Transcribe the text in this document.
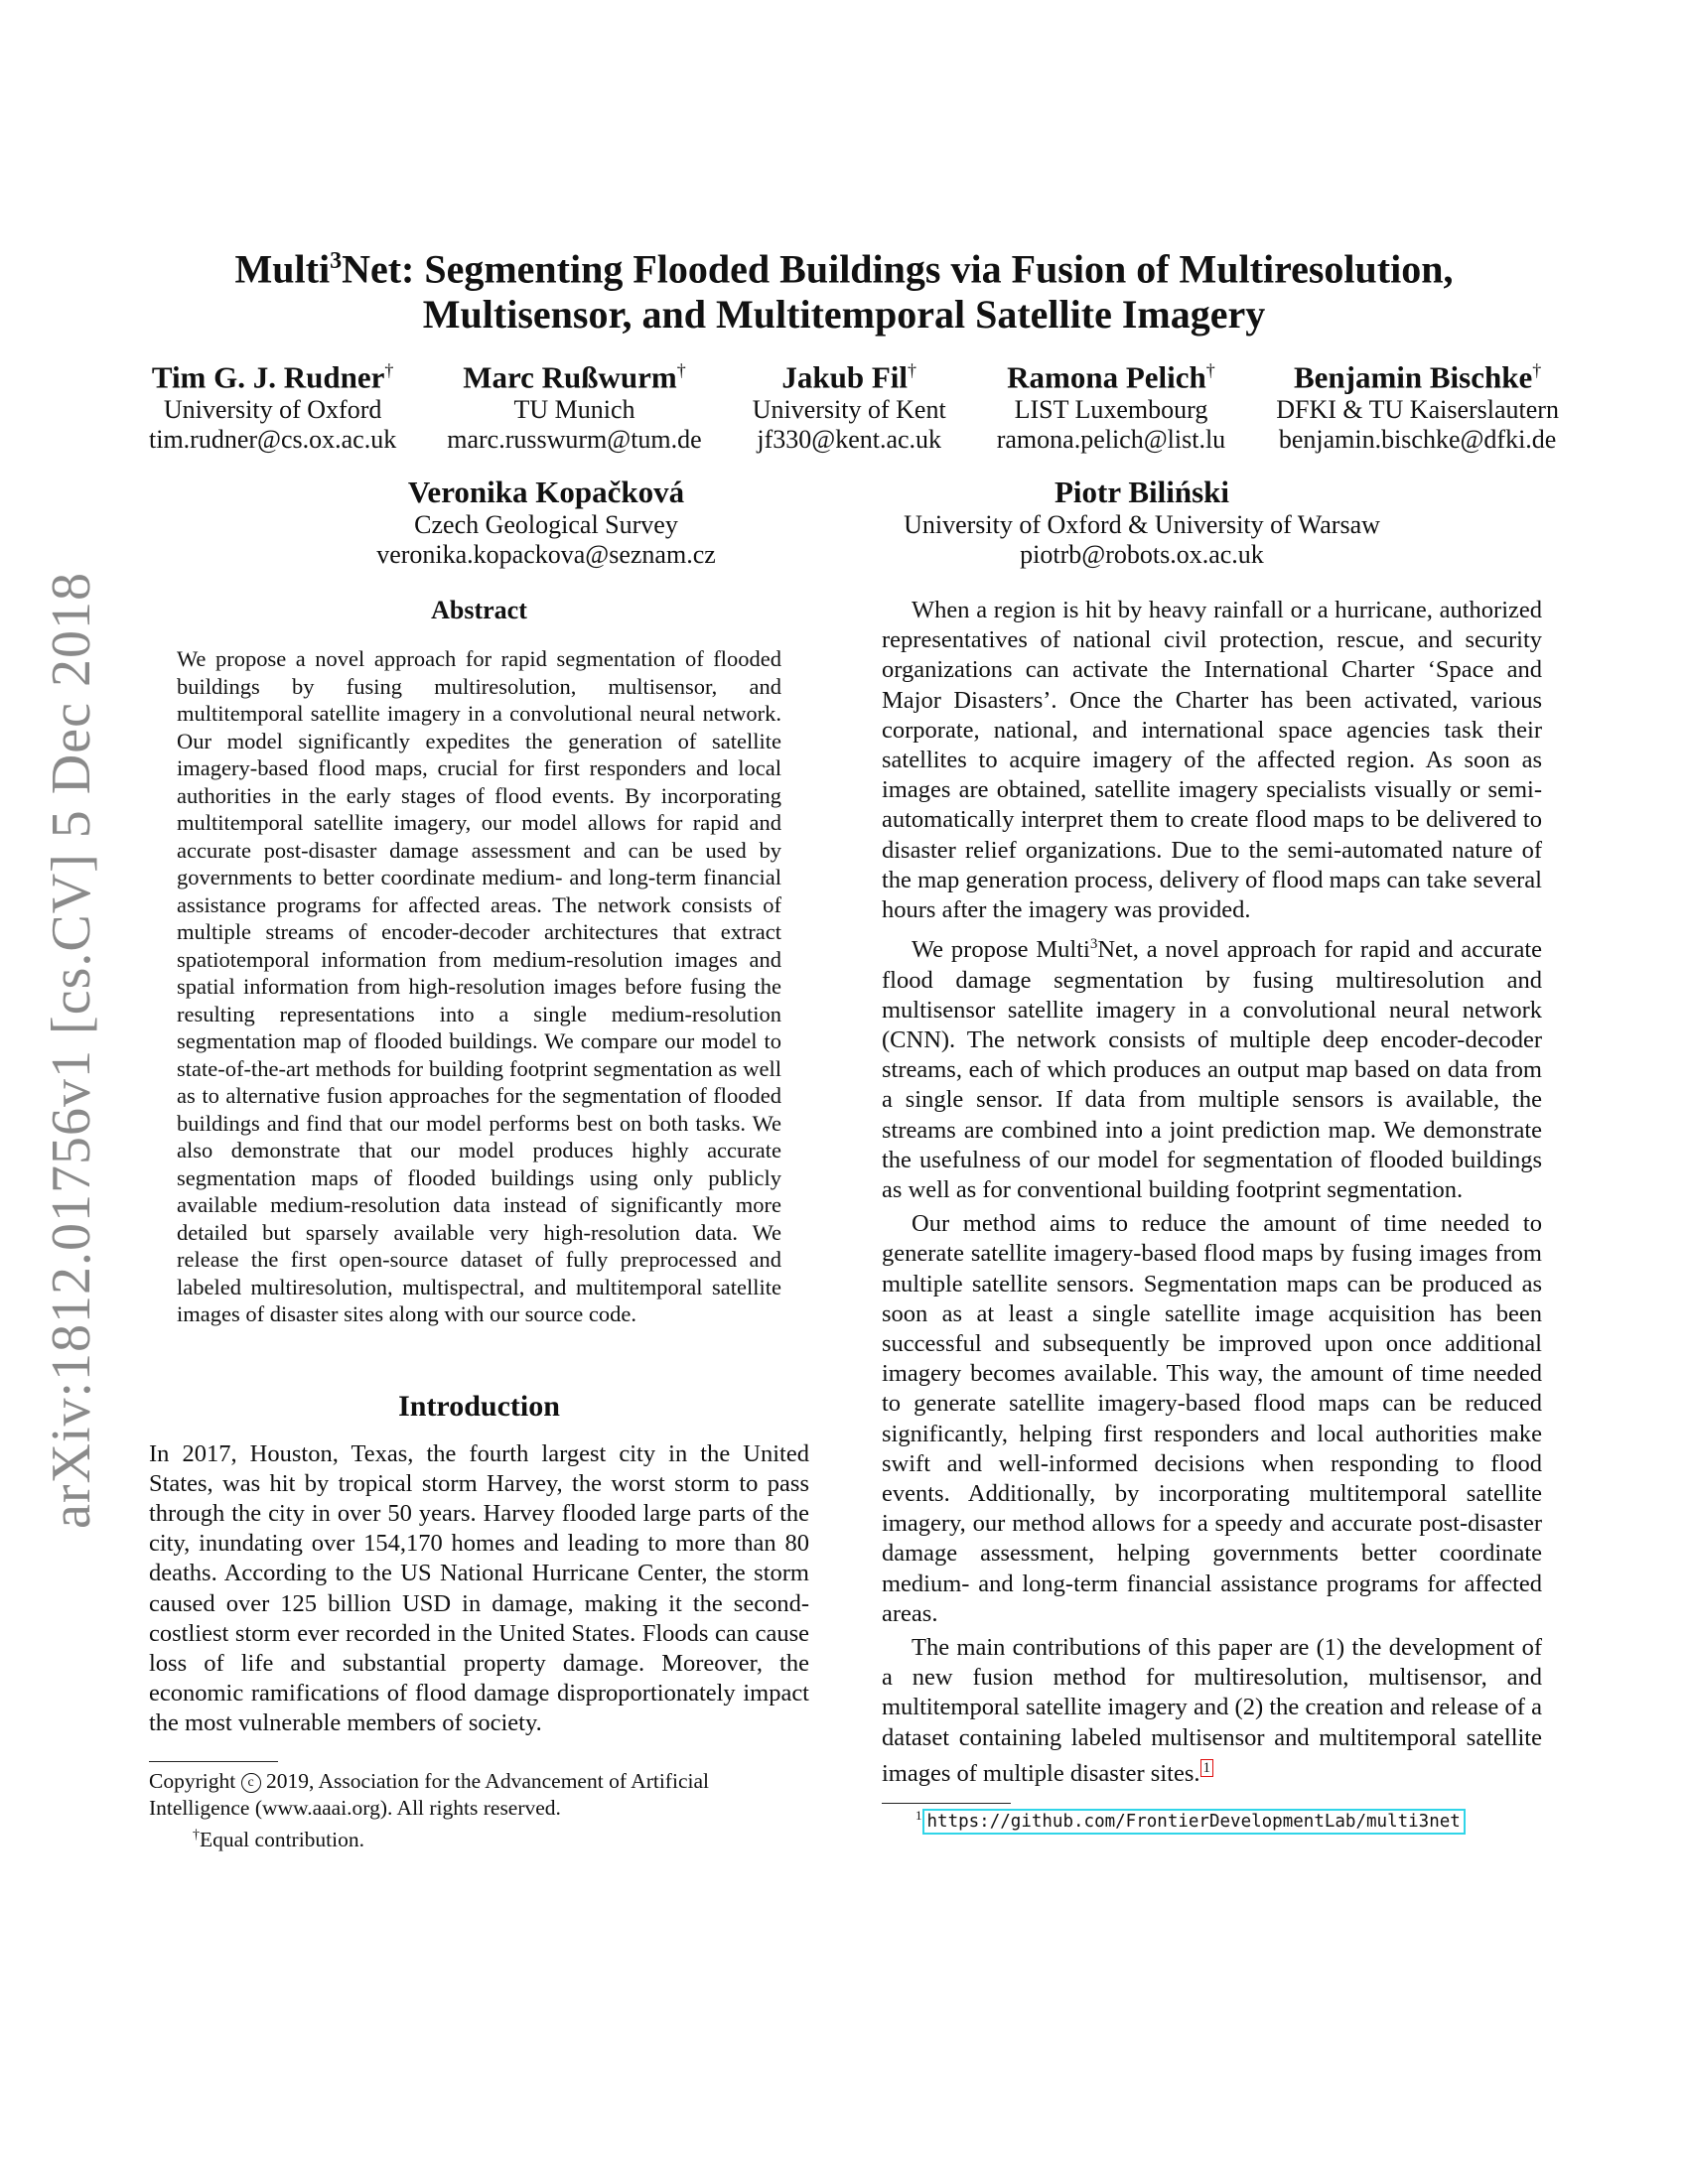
arXiv:1812.01756v1 [cs.CV] 5 Dec 2018
Multi$^3$Net: Segmenting Flooded Buildings via Fusion of Multiresolution,
Multisensor, and Multitemporal Satellite Imagery
Tim G. J. Rudner†
University of Oxford
tim.rudner@cs.ox.ac.uk
Marc Rußwurm†
TU Munich
marc.russwurm@tum.de
Jakub Fil†
University of Kent
jf330@kent.ac.uk
Ramona Pelich†
LIST Luxembourg
ramona.pelich@list.lu
Benjamin Bischke†
DFKI & TU Kaiserslautern
benjamin.bischke@dfki.de
Veronika Kopačková
Czech Geological Survey
veronika.kopackova@seznam.cz
Piotr Biliński
University of Oxford & University of Warsaw
piotrb@robots.ox.ac.uk
Abstract
We propose a novel approach for rapid segmentation of flooded buildings by fusing multiresolution, multisensor, and multitemporal satellite imagery in a convolutional neural network. Our model significantly expedites the generation of satellite imagery-based flood maps, crucial for first responders and local authorities in the early stages of flood events. By incorporating multitemporal satellite imagery, our model allows for rapid and accurate post-disaster damage assessment and can be used by governments to better coordinate medium- and long-term financial assistance programs for affected areas. The network consists of multiple streams of encoder-decoder architectures that extract spatiotemporal information from medium-resolution images and spatial information from high-resolution images before fusing the resulting representations into a single medium-resolution segmentation map of flooded buildings. We compare our model to state-of-the-art methods for building footprint segmentation as well as to alternative fusion approaches for the segmentation of flooded buildings and find that our model performs best on both tasks. We also demonstrate that our model produces highly accurate segmentation maps of flooded buildings using only publicly available medium-resolution data instead of significantly more detailed but sparsely available very high-resolution data. We release the first open-source dataset of fully preprocessed and labeled multiresolution, multispectral, and multitemporal satellite images of disaster sites along with our source code.
Introduction

In 2017, Houston, Texas, the fourth largest city in the United States, was hit by tropical storm Harvey, the worst storm to pass through the city in over 50 years. Harvey flooded large parts of the city, inundating over 154,170 homes and leading to more than 80 deaths. According to the US National Hurricane Center, the storm caused over 125 billion USD in damage, making it the second-costliest storm ever recorded in the United States. Floods can cause loss of life and substantial property damage. Moreover, the economic ramifications of flood damage disproportionately impact the most vulnerable members of society.

Copyright c 2019, Association for the Advancement of Artificial Intelligence (www.aaai.org). All rights reserved.
†Equal contribution.

When a region is hit by heavy rainfall or a hurricane, authorized representatives of national civil protection, rescue, and security organizations can activate the International Charter ‘Space and Major Disasters’. Once the Charter has been activated, various corporate, national, and international space agencies task their satellites to acquire imagery of the affected region. As soon as images are obtained, satellite imagery specialists visually or semi-automatically interpret them to create flood maps to be delivered to disaster relief organizations. Due to the semi-automated nature of the map generation process, delivery of flood maps can take several hours after the imagery was provided.

We propose Multi$^3$Net, a novel approach for rapid and accurate flood damage segmentation by fusing multiresolution and multisensor satellite imagery in a convolutional neural network (CNN). The network consists of multiple deep encoder-decoder streams, each of which produces an output map based on data from a single sensor. If data from multiple sensors is available, the streams are combined into a joint prediction map. We demonstrate the usefulness of our model for segmentation of flooded buildings as well as for conventional building footprint segmentation.

Our method aims to reduce the amount of time needed to generate satellite imagery-based flood maps by fusing images from multiple satellite sensors. Segmentation maps can be produced as soon as at least a single satellite image acquisition has been successful and subsequently be improved upon once additional imagery becomes available. This way, the amount of time needed to generate satellite imagery-based flood maps can be reduced significantly, helping first responders and local authorities make swift and well-informed decisions when responding to flood events. Additionally, by incorporating multitemporal satellite imagery, our method allows for a speedy and accurate post-disaster damage assessment, helping governments better coordinate medium- and long-term financial assistance programs for affected areas.

The main contributions of this paper are (1) the development of a new fusion method for multiresolution, multisensor, and multitemporal satellite imagery and (2) the creation and release of a dataset containing labeled multisensor and multitemporal satellite images of multiple disaster sites. $^1$

$^1$ https://github.com/FrontierDevelopmentLab/multi3net
